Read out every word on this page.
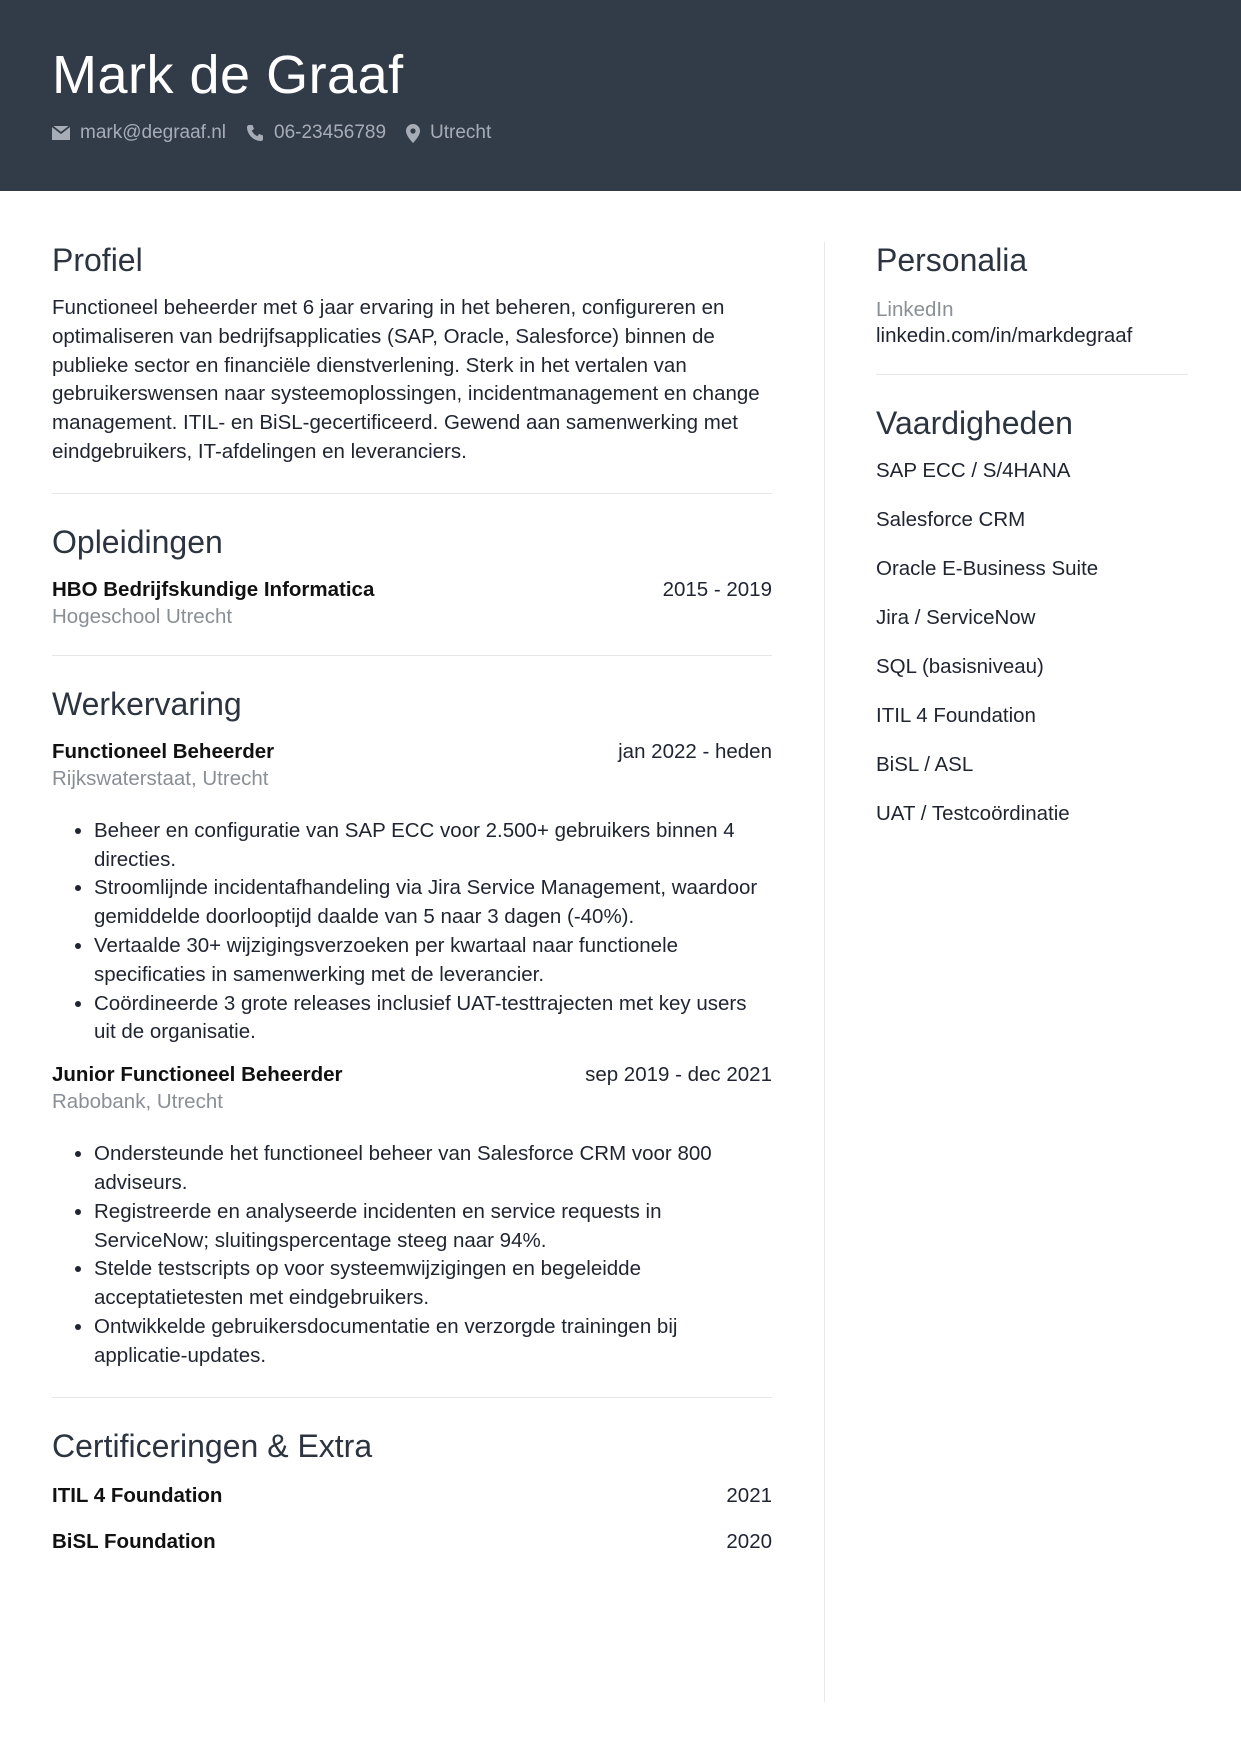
Mark de Graaf
mark@degraaf.nl	06-23456789 Utrecht
Profiel

Functioneel beheerder met 6 jaar ervaring in het beheren, configureren en optimaliseren van bedrijfsapplicaties (SAP, Oracle, Salesforce) binnen de publieke sector en financiële dienstverlening. Sterk in het vertalen van gebruikerswensen naar systeemoplossingen, incidentmanagement en change management. ITIL- en BiSL-gecertificeerd. Gewend aan samenwerking met eindgebruikers, IT-afdelingen en leveranciers.

Opleidingen
HBO Bedrijfskundige Informatica	2015 - 2019
Hogeschool Utrecht
Werkervaring
Functioneel Beheerder	jan 2022 - heden
Rijkswaterstaat, Utrecht
• Beheer en configuratie van SAP ECC voor 2.500+ gebruikers binnen 4 directies.
• Stroomlijnde incidentafhandeling via Jira Service Management, waardoor gemiddelde doorlooptijd daalde van 5 naar 3 dagen (-40%).
• Vertaalde 30+ wijzigingsverzoeken per kwartaal naar functionele specificaties in samenwerking met de leverancier.
• Coördineerde 3 grote releases inclusief UAT-testtrajecten met key users uit de organisatie.
Junior Functioneel Beheerder	sep 2019 - dec 2021
Rabobank, Utrecht
• Ondersteunde het functioneel beheer van Salesforce CRM voor 800 adviseurs.
• Registreerde en analyseerde incidenten en service requests in ServiceNow; sluitingspercentage steeg naar 94%.
• Stelde testscripts op voor systeemwijzigingen en begeleidde acceptatietesten met eindgebruikers.
• Ontwikkelde gebruikersdocumentatie en verzorgde trainingen bij applicatie-updates.
Certificeringen & Extra
ITIL 4 Foundation	2021
BiSL Foundation	2020
Personalia
LinkedIn
linkedin.com/in/markdegraaf
Vaardigheden
SAP ECC / S/4HANA
Salesforce CRM
Oracle E-Business Suite
Jira / ServiceNow
SQL (basisniveau)
ITIL 4 Foundation
BiSL / ASL
UAT / Testcoördinatie
